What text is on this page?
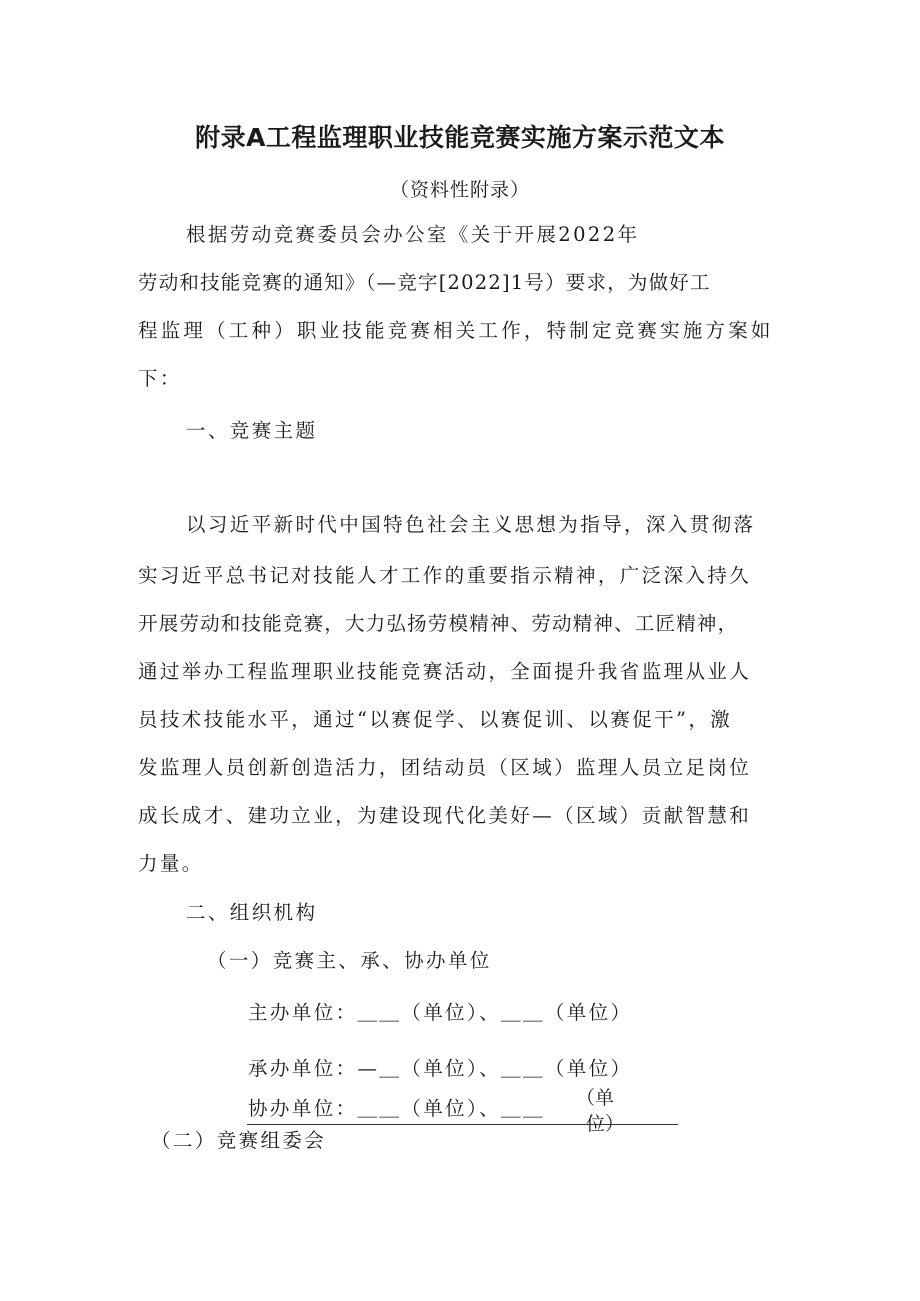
附录A工程监理职业技能竞赛实施方案示范文本
（资料性附录）
根据劳动竞赛委员会办公室《关于开展2022年
劳动和技能竞赛的通知》（—竞字[2022]1号）要求，为做好工
程监理（工种）职业技能竞赛相关工作，特制定竞赛实施方案如
下：
一、竞赛主题
以习近平新时代中国特色社会主义思想为指导，深入贯彻落
实习近平总书记对技能人才工作的重要指示精神，广泛深入持久
开展劳动和技能竞赛，大力弘扬劳模精神、劳动精神、工匠精神，
通过举办工程监理职业技能竞赛活动，全面提升我省监理从业人
员技术技能水平，通过“以赛促学、以赛促训、以赛促干”，激
发监理人员创新创造活力，团结动员（区域）监理人员立足岗位
成长成才、建功立业，为建设现代化美好—（区域）贡献智慧和
力量。
二、组织机构
（一）竞赛主、承、协办单位
主办单位：＿＿（单位）、＿＿（单位）
承办单位：—＿（单位）、＿＿（单位）
协办单位：＿＿（单位）、＿＿ （单
位）
（二）竞赛组委会
